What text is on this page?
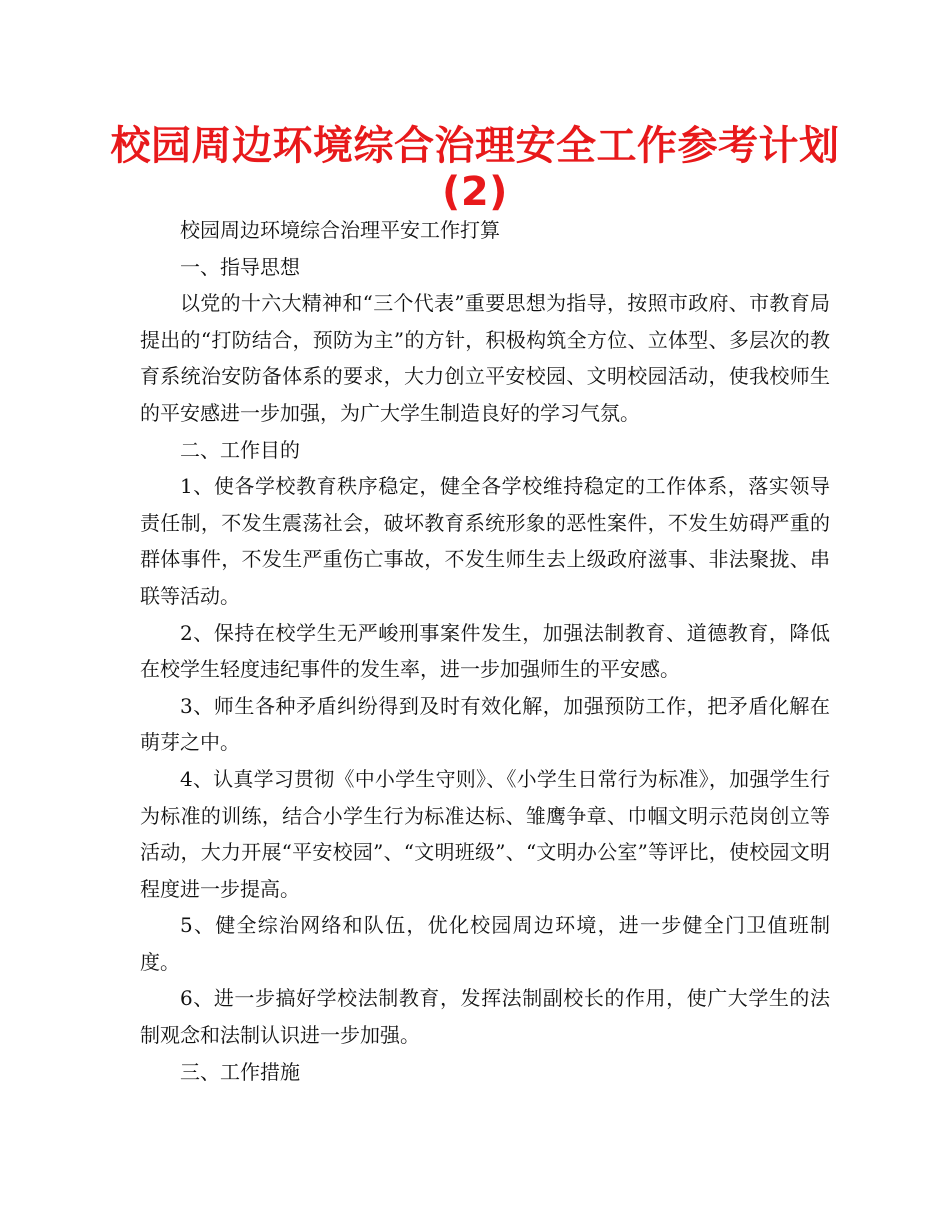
校园周边环境综合治理安全工作参考计划
(2)

校园周边环境综合治理平安工作打算

一、指导思想

以党的十六大精神和“三个代表”重要思想为指导，按照市政府、市教育局提出的“打防结合，预防为主”的方针，积极构筑全方位、立体型、多层次的教育系统治安防备体系的要求，大力创立平安校园、文明校园活动，使我校师生的平安感进一步加强，为广大学生制造良好的学习气氛。

二、工作目的

1、使各学校教育秩序稳定，健全各学校维持稳定的工作体系，落实领导责任制，不发生震荡社会，破坏教育系统形象的恶性案件，不发生妨碍严重的群体事件，不发生严重伤亡事故，不发生师生去上级政府滋事、非法聚拢、串联等活动。

2、保持在校学生无严峻刑事案件发生，加强法制教育、道德教育，降低在校学生轻度违纪事件的发生率，进一步加强师生的平安感。

3、师生各种矛盾纠纷得到及时有效化解，加强预防工作，把矛盾化解在萌芽之中。

4、认真学习贯彻《中小学生守则》、《小学生日常行为标准》，加强学生行为标准的训练，结合小学生行为标准达标、雏鹰争章、巾帼文明示范岗创立等活动，大力开展“平安校园”、“文明班级”、“文明办公室”等评比，使校园文明程度进一步提高。

5、健全综治网络和队伍，优化校园周边环境，进一步健全门卫值班制度。

6、进一步搞好学校法制教育，发挥法制副校长的作用，使广大学生的法制观念和法制认识进一步加强。

三、工作措施
